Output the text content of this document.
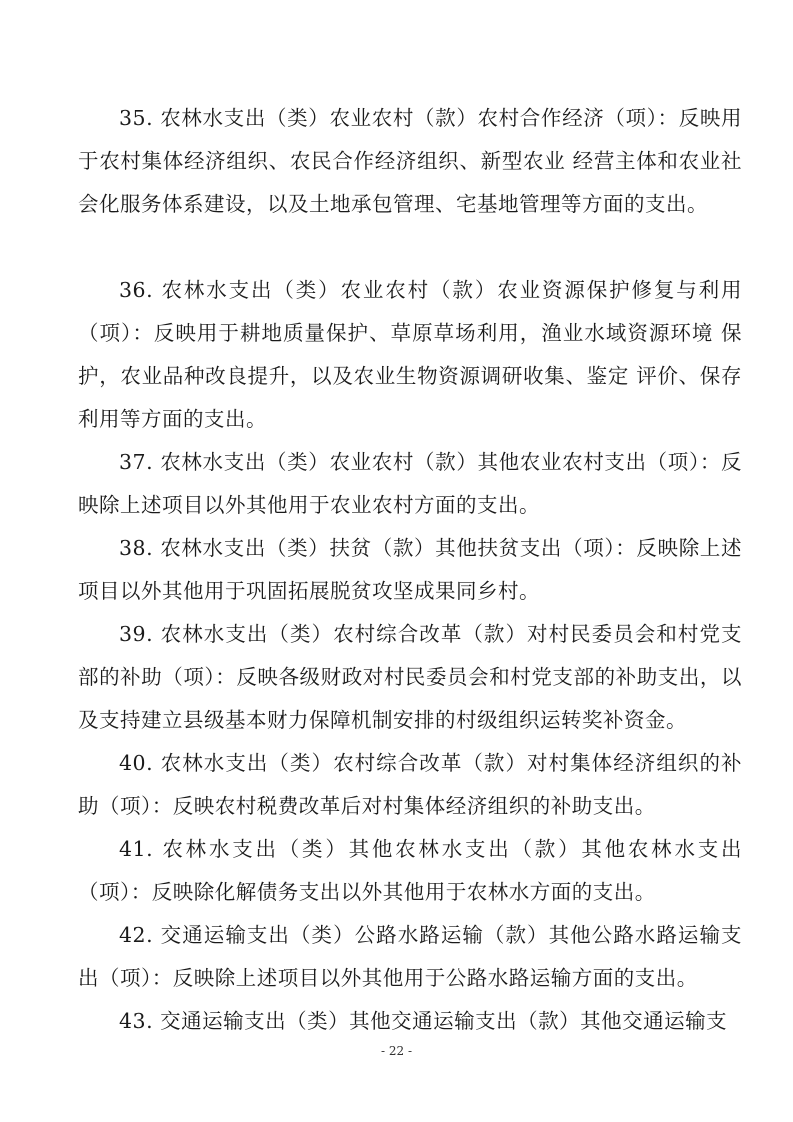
35. 农林水支出（类）农业农村（款）农村合作经济（项）：反映用于农村集体经济组织、农民合作经济组织、新型农业 经营主体和农业社会化服务体系建设，以及土地承包管理、宅基地管理等方面的支出。

36. 农林水支出（类）农业农村（款）农业资源保护修复与利用（项）：反映用于耕地质量保护、草原草场利用，渔业水域资源环境 保护，农业品种改良提升，以及农业生物资源调研收集、鉴定 评价、保存利用等方面的支出。

37. 农林水支出（类）农业农村（款）其他农业农村支出（项）：反映除上述项目以外其他用于农业农村方面的支出。

38. 农林水支出（类）扶贫（款）其他扶贫支出（项）：反映除上述项目以外其他用于巩固拓展脱贫攻坚成果同乡村。

39. 农林水支出（类）农村综合改革（款）对村民委员会和村党支部的补助（项）：反映各级财政对村民委员会和村党支部的补助支出，以及支持建立县级基本财力保障机制安排的村级组织运转奖补资金。

40. 农林水支出（类）农村综合改革（款）对村集体经济组织的补助（项）：反映农村税费改革后对村集体经济组织的补助支出。

41. 农林水支出（类）其他农林水支出（款）其他农林水支出（项）：反映除化解债务支出以外其他用于农林水方面的支出。

42. 交通运输支出（类）公路水路运输（款）其他公路水路运输支出（项）：反映除上述项目以外其他用于公路水路运输方面的支出。

43. 交通运输支出（类）其他交通运输支出（款）其他交通运输支

- 22 -
